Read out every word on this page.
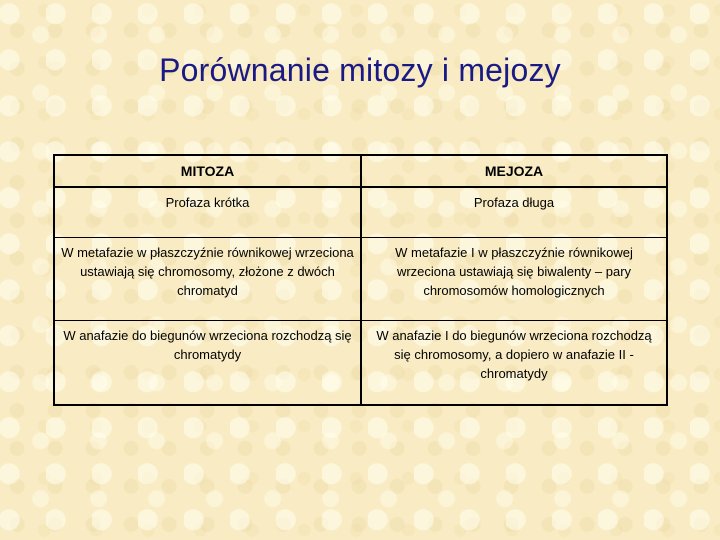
Porównanie mitozy i mejozy
MITOZA	MEJOZA
Profaza krótka	Profaza długa
W metafazie w płaszczyźnie równikowej wrzeciona ustawiają się chromosomy, złożone z dwóch chromatyd	W metafazie I w płaszczyźnie równikowej wrzeciona ustawiają się biwalenty – pary chromosomów homologicznych
W anafazie do biegunów wrzeciona rozchodzą się chromatydy	W anafazie I do biegunów wrzeciona rozchodzą się chromosomy, a dopiero w anafazie II - chromatydy
